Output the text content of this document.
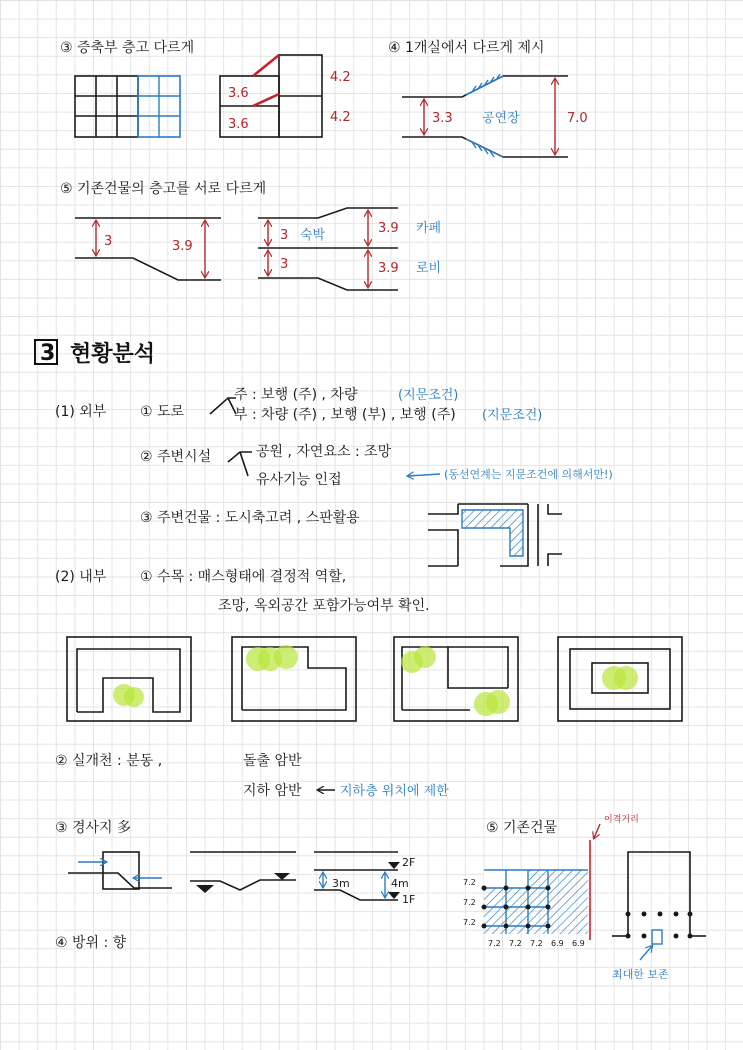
③ 증축부 층고 다르게
3.6
3.6
4.2
4.2
④ 1개실에서 다르게 제시
3.3 공연장	7.0
⑤ 기존건물의 층고를 서로 다르게
3	3.9
3 숙박
3
3.9 카페
3.9 로비
3 현황분석
(1) 외부 ① 도로
주 : 보행 (주) , 차량	(지문조건)
부 : 차량 (주) , 보행 (부) , 보행 (주) (지문조건)
② 주변시설	공원 , 자연요소 : 조망
유사기능 인접	(동선연계는 지문조건에 의해서만!)
③ 주변건물 : 도시축고려 , 스판활용
(2) 내부 ① 수목 : 매스형태에 결정적 역할,
조망, 옥외공간 포함가능여부 확인.
② 실개천 : 분동 ,	돌출 암반
지하 암반	지하층 위치에 제한
③ 경사지 多
2F
1F
3m	4m
④ 방위 : 향
⑤ 기존건물	이격거리
7.2
7.2
7.2
7.2 7.2 7.2 6.9 6.9
최대한 보존
